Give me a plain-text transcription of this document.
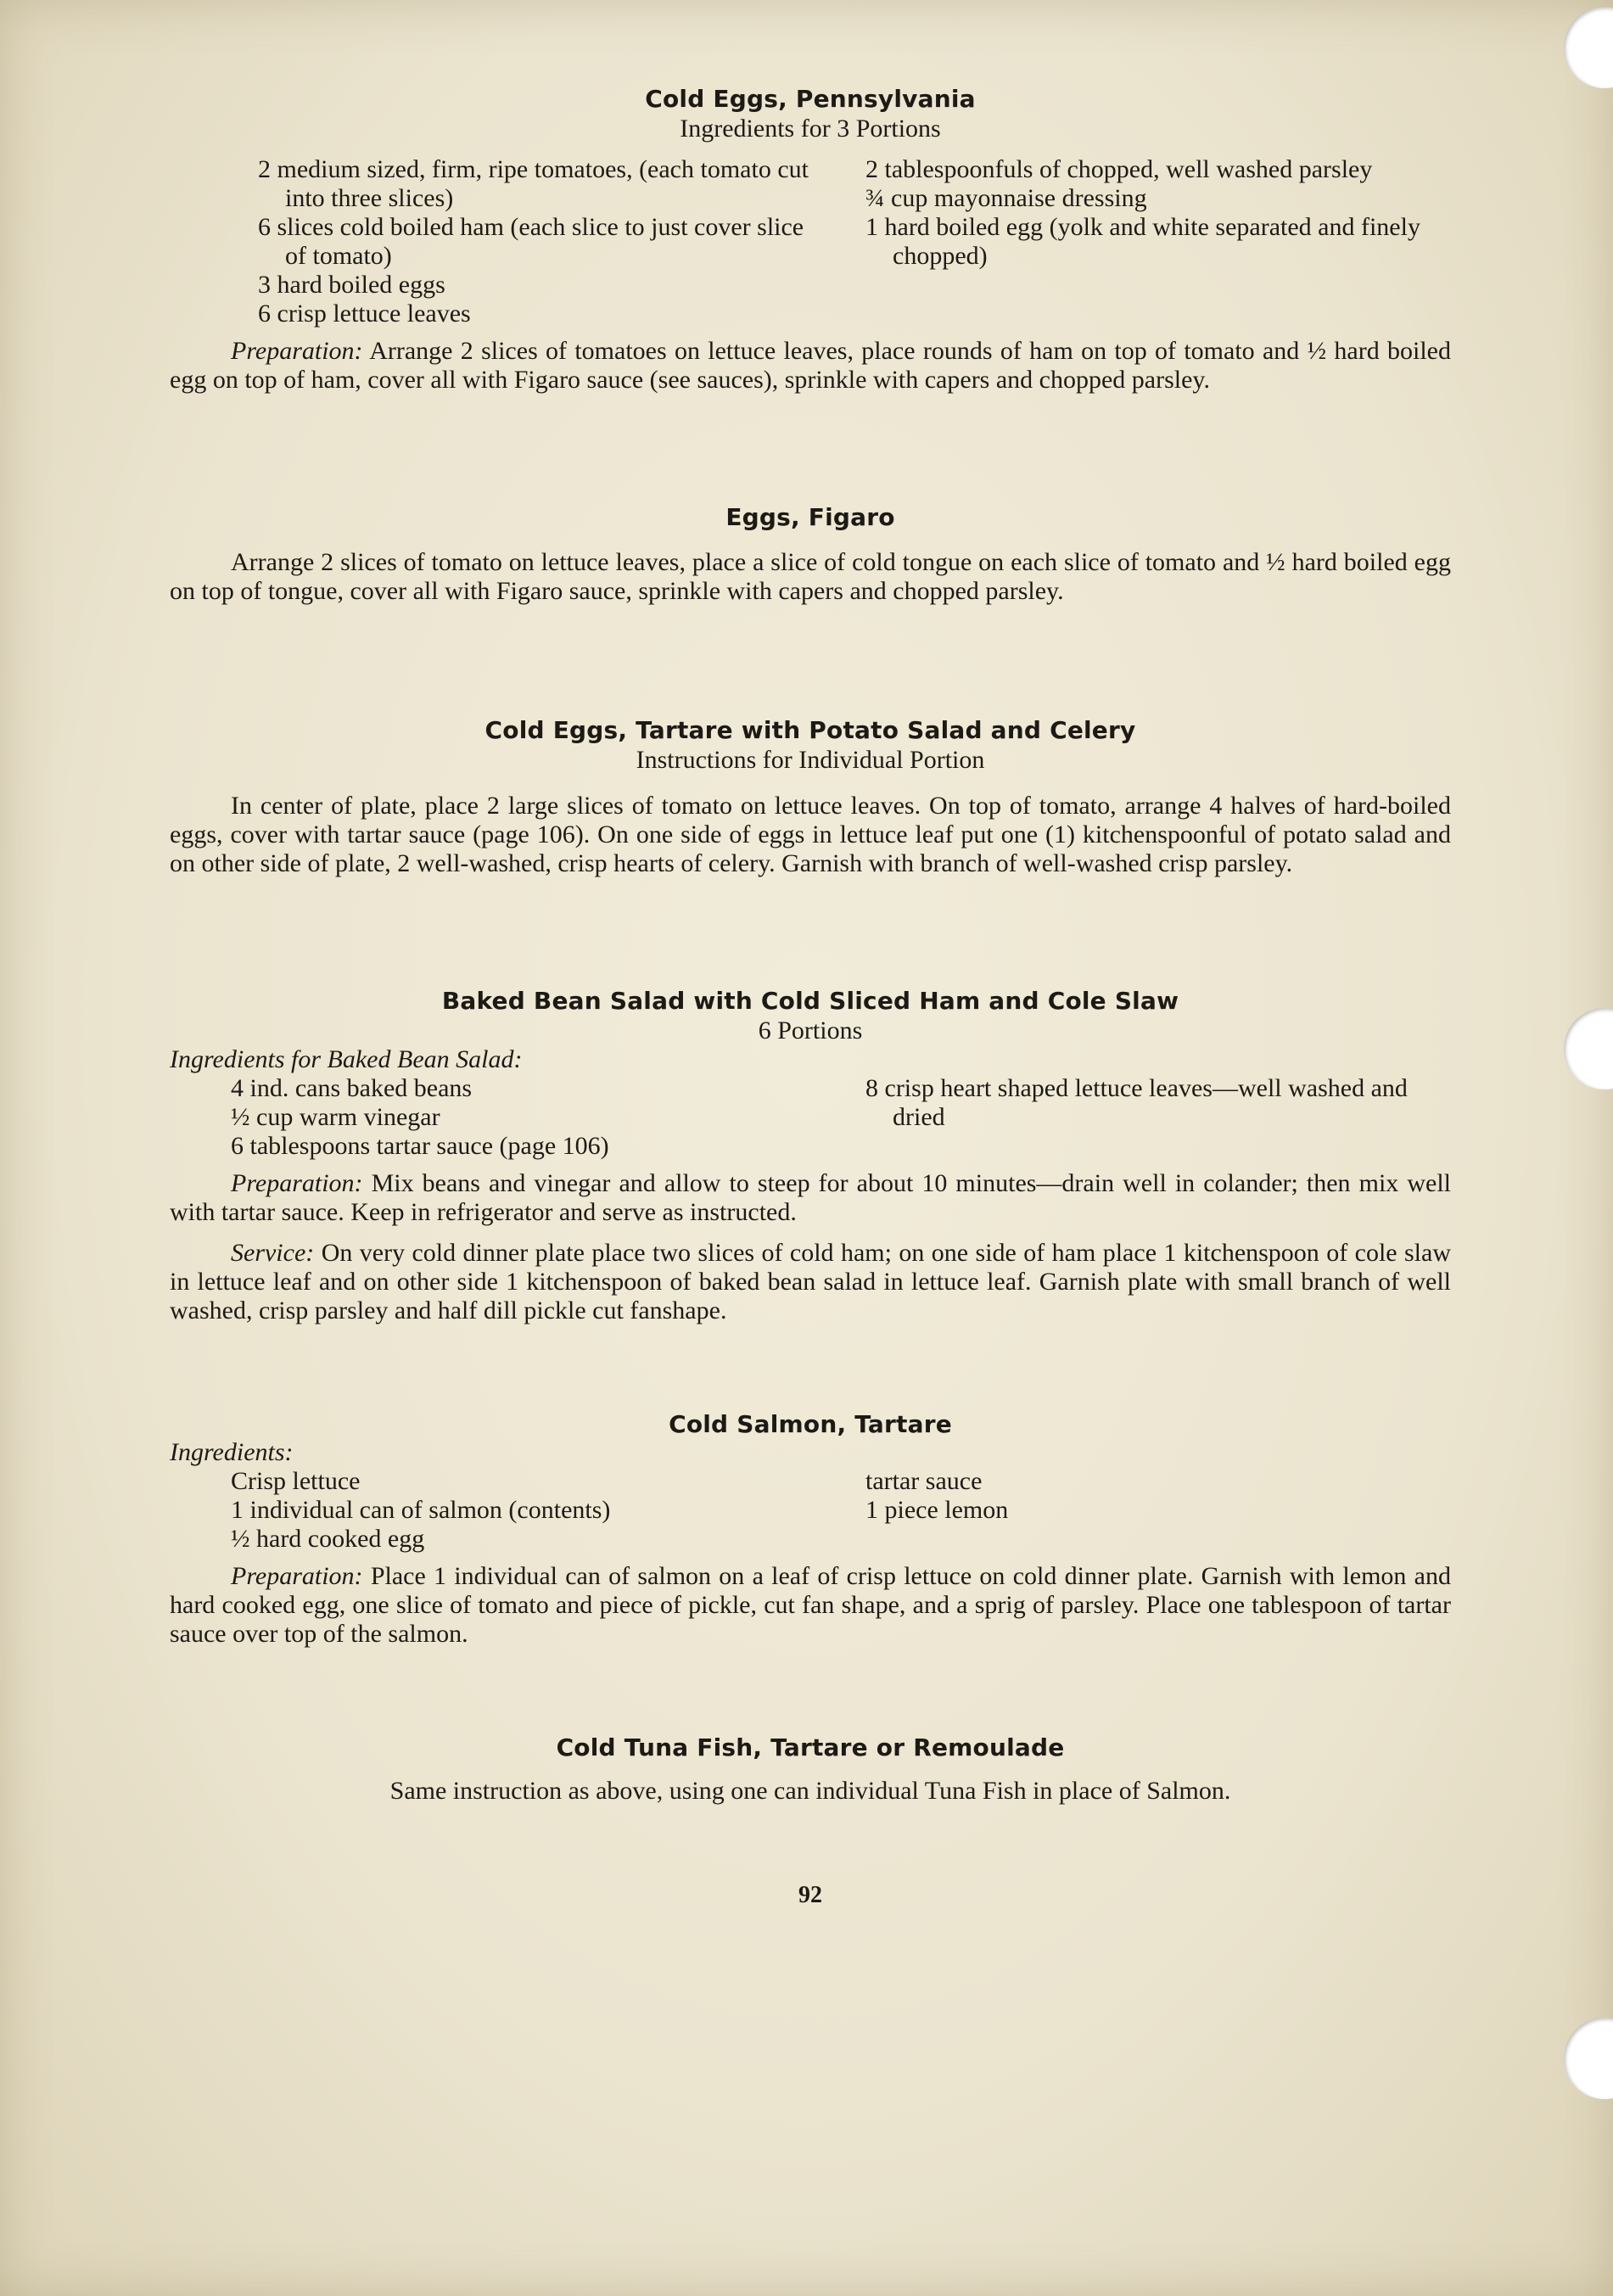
Cold Eggs, Pennsylvania
Ingredients for 3 Portions
2 medium sized, firm, ripe tomatoes, (each tomato cut into three slices)
6 slices cold boiled ham (each slice to just cover slice of tomato)
3 hard boiled eggs
6 crisp lettuce leaves
2 tablespoonfuls of chopped, well washed parsley
¾ cup mayonnaise dressing
1 hard boiled egg (yolk and white separated and finely chopped)

Preparation: Arrange 2 slices of tomatoes on lettuce leaves, place rounds of ham on top of tomato and ½ hard boiled egg on top of ham, cover all with Figaro sauce (see sauces), sprinkle with capers and chopped parsley.

Eggs, Figaro

Arrange 2 slices of tomato on lettuce leaves, place a slice of cold tongue on each slice of tomato and ½ hard boiled egg on top of tongue, cover all with Figaro sauce, sprinkle with capers and chopped parsley.

Cold Eggs, Tartare with Potato Salad and Celery
Instructions for Individual Portion

In center of plate, place 2 large slices of tomato on lettuce leaves. On top of tomato, arrange 4 halves of hard-boiled eggs, cover with tartar sauce (page 106). On one side of eggs in lettuce leaf put one (1) kitchenspoonful of potato salad and on other side of plate, 2 well-washed, crisp hearts of celery. Garnish with branch of well-washed crisp parsley.

Baked Bean Salad with Cold Sliced Ham and Cole Slaw
6 Portions
Ingredients for Baked Bean Salad:
4 ind. cans baked beans
½ cup warm vinegar
6 tablespoons tartar sauce (page 106)
8 crisp heart shaped lettuce leaves—well washed and dried

Preparation: Mix beans and vinegar and allow to steep for about 10 minutes—drain well in colander; then mix well with tartar sauce. Keep in refrigerator and serve as instructed.

Service: On very cold dinner plate place two slices of cold ham; on one side of ham place 1 kitchenspoon of cole slaw in lettuce leaf and on other side 1 kitchenspoon of baked bean salad in lettuce leaf. Garnish plate with small branch of well washed, crisp parsley and half dill pickle cut fanshape.

Cold Salmon, Tartare
Ingredients:
Crisp lettuce
1 individual can of salmon (contents)
½ hard cooked egg
tartar sauce
1 piece lemon

Preparation: Place 1 individual can of salmon on a leaf of crisp lettuce on cold dinner plate. Garnish with lemon and hard cooked egg, one slice of tomato and piece of pickle, cut fan shape, and a sprig of parsley. Place one tablespoon of tartar sauce over top of the salmon.

Cold Tuna Fish, Tartare or Remoulade

Same instruction as above, using one can individual Tuna Fish in place of Salmon.

92
